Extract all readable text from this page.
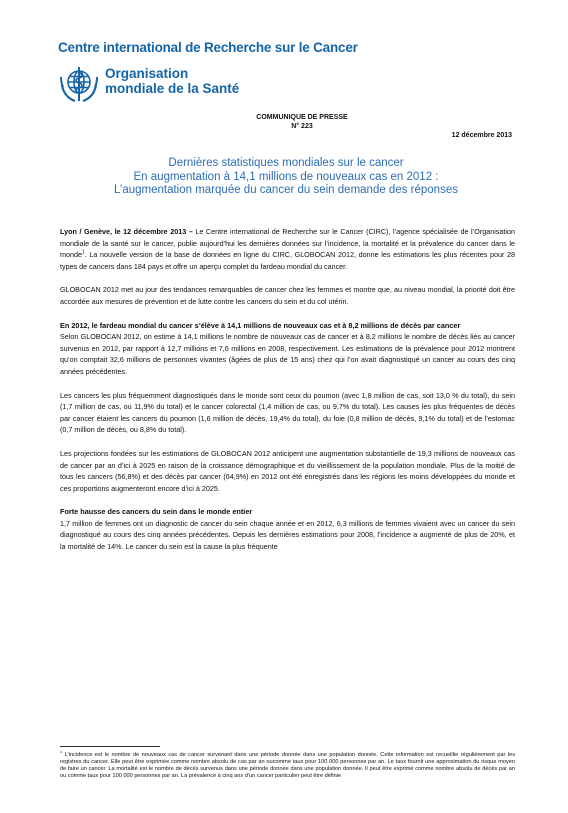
Centre international de Recherche sur le Cancer
Organisation
mondiale de la Santé
COMMUNIQUE DE PRESSE
N° 223
12 décembre 2013
Dernières statistiques mondiales sur le cancer
En augmentation à 14,1 millions de nouveaux cas en 2012 :
L’augmentation marquée du cancer du sein demande des réponses

Lyon / Genève, le 12 décembre 2013 – Le Centre international de Recherche sur le Cancer (CIRC), l’agence spécialisée de l’Organisation mondiale de la santé sur le cancer, publie aujourd’hui les dernières données sur l’incidence, la mortalité et la prévalence du cancer dans le monde$^1$. La nouvelle version de la base de données en ligne du CIRC, GLOBOCAN 2012, donne les estimations les plus récentes pour 28 types de cancers dans 184 pays et offre un aperçu complet du fardeau mondial du cancer.

GLOBOCAN 2012 met au jour des tendances remarquables de cancer chez les femmes et montre que, au niveau mondial, la priorité doit être accordée aux mesures de prévention et de lutte contre les cancers du sein et du col utérin.

En 2012, le fardeau mondial du cancer s’élève à 14,1 millions de nouveaux cas et à 8,2 millions de décès par cancer

Selon GLOBOCAN 2012, on estime à 14,1 millions le nombre de nouveaux cas de cancer et à 8,2 millions le nombre de décès liés au cancer survenus en 2012, par rapport à 12,7 millions et 7,6 millions en 2008, respectivement. Les estimations de la prévalence pour 2012 montrent qu’on comptait 32,6 millions de personnes vivantes (âgées de plus de 15 ans) chez qui l’on avait diagnostiqué un cancer au cours des cinq années précédentes.

Les cancers les plus fréquemment diagnostiqués dans le monde sont ceux du poumon (avec 1,8 million de cas, soit 13,0 % du total), du sein (1,7 million de cas, ou 11,9% du total) et le cancer colorectal (1,4 million de cas, ou 9,7% du total). Les causes les plus fréquentes de décès par cancer étaient les cancers du poumon (1,6 million de décès, 19,4% du total), du foie (0,8 million de décès, 9,1% du total) et de l’estomac (0,7 million de décès, ou 8,8% du total).

Les projections fondées sur les estimations de GLOBOCAN 2012 anticipent une augmentation substantielle de 19,3 millions de nouveaux cas de cancer par an d’ici à 2025 en raison de la croissance démographique et du vieillissement de la population mondiale. Plus de la moitié de tous les cancers (56,8%) et des décès par cancer (64,9%) en 2012 ont été enregistrés dans les régions les moins développées du monde et ces proportions augmenteront encore d’ici à 2025.

Forte hausse des cancers du sein dans le monde entier

1,7 million de femmes ont un diagnostic de cancer du sein chaque année et en 2012, 6,3 millions de femmes vivaient avec un cancer du sein diagnostiqué au cours des cinq années précédentes. Depuis les dernières estimations pour 2008, l’incidence a augmenté de plus de 20%, et la mortalité de 14%. Le cancer du sein est la cause la plus fréquente

$^1$ L’incidence est le nombre de nouveaux cas de cancer survenant dans une période donnée dans une population donnée. Cette information est recueillie régulièrement par les registres du cancer. Elle peut être exprimée comme nombre absolu de cas par an oucomme taux pour 100 000 personnes par an. Le taux fournit une approximation du risque moyen de faire un cancer. La mortalité est le nombre de décès survenus dans une période donnée dans une population donnée. Il peut être exprimé comme nombre absolu de décès par an ou comme taux pour 100 000 personnes par an. La prévalence à cinq ans d’un cancer particulier peut être définie
